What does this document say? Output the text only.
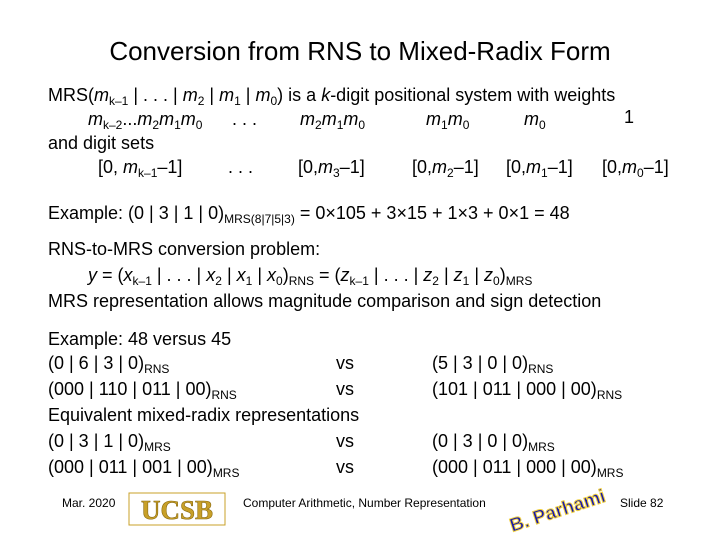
Conversion from RNS to Mixed-Radix Form
$MRS(m_{k-1}$ | . . . | $m_2$ | $m_1$ | $m_0$) is a k-digit positional system with weights
$m_{k-2}...m_2m_1m_0$ . . . $m_2m_1m_0$	$m_1m_0$	$m_0$	1
and digit sets
[0, $m_{k-1}-1$]	. . . $[0,m_3-1]$	$[0,m_2-1]$ $[0,m_1-1]$ $[0,m_0-1]$
Example: (0 | 3 | 1 | $0)_{MRS(8|7|5|3)} = 0\times 105 + 3\times 15 + 1\times 3 + 0\times 1 = 48$
RNS-to-MRS conversion problem:
$y = (x_{k-1}$ | . . . | $x_2$ | $x_1$ | $x_0)_{RNS} = (z_{k-1}$ | . . . | $z_2$ | $z_1$ | $z_0)_{MRS}$
MRS representation allows magnitude comparison and sign detection
Example: 48 versus 45
(0 | 6 | 3 | $0)_{RNS}$	vs	(5 | 3 | 0 | $0)_{RNS}$
(000 | 110 | 011 | $00)_{RNS}$	vs	(101 | 011 | 000 | $00)_{RNS}$
Equivalent mixed-radix representations
(0 | 3 | 1 | $0)_{MRS}$	vs	(0 | 3 | 0 | $0)_{MRS}$
(000 | 011 | 001 | $00)_{MRS}$	vs	(000 | 011 | 000 | $00)_{MRS}$
Mar. 2020 UCSB Computer Arithmetic, Number Representation B. Parhami Slide 82
